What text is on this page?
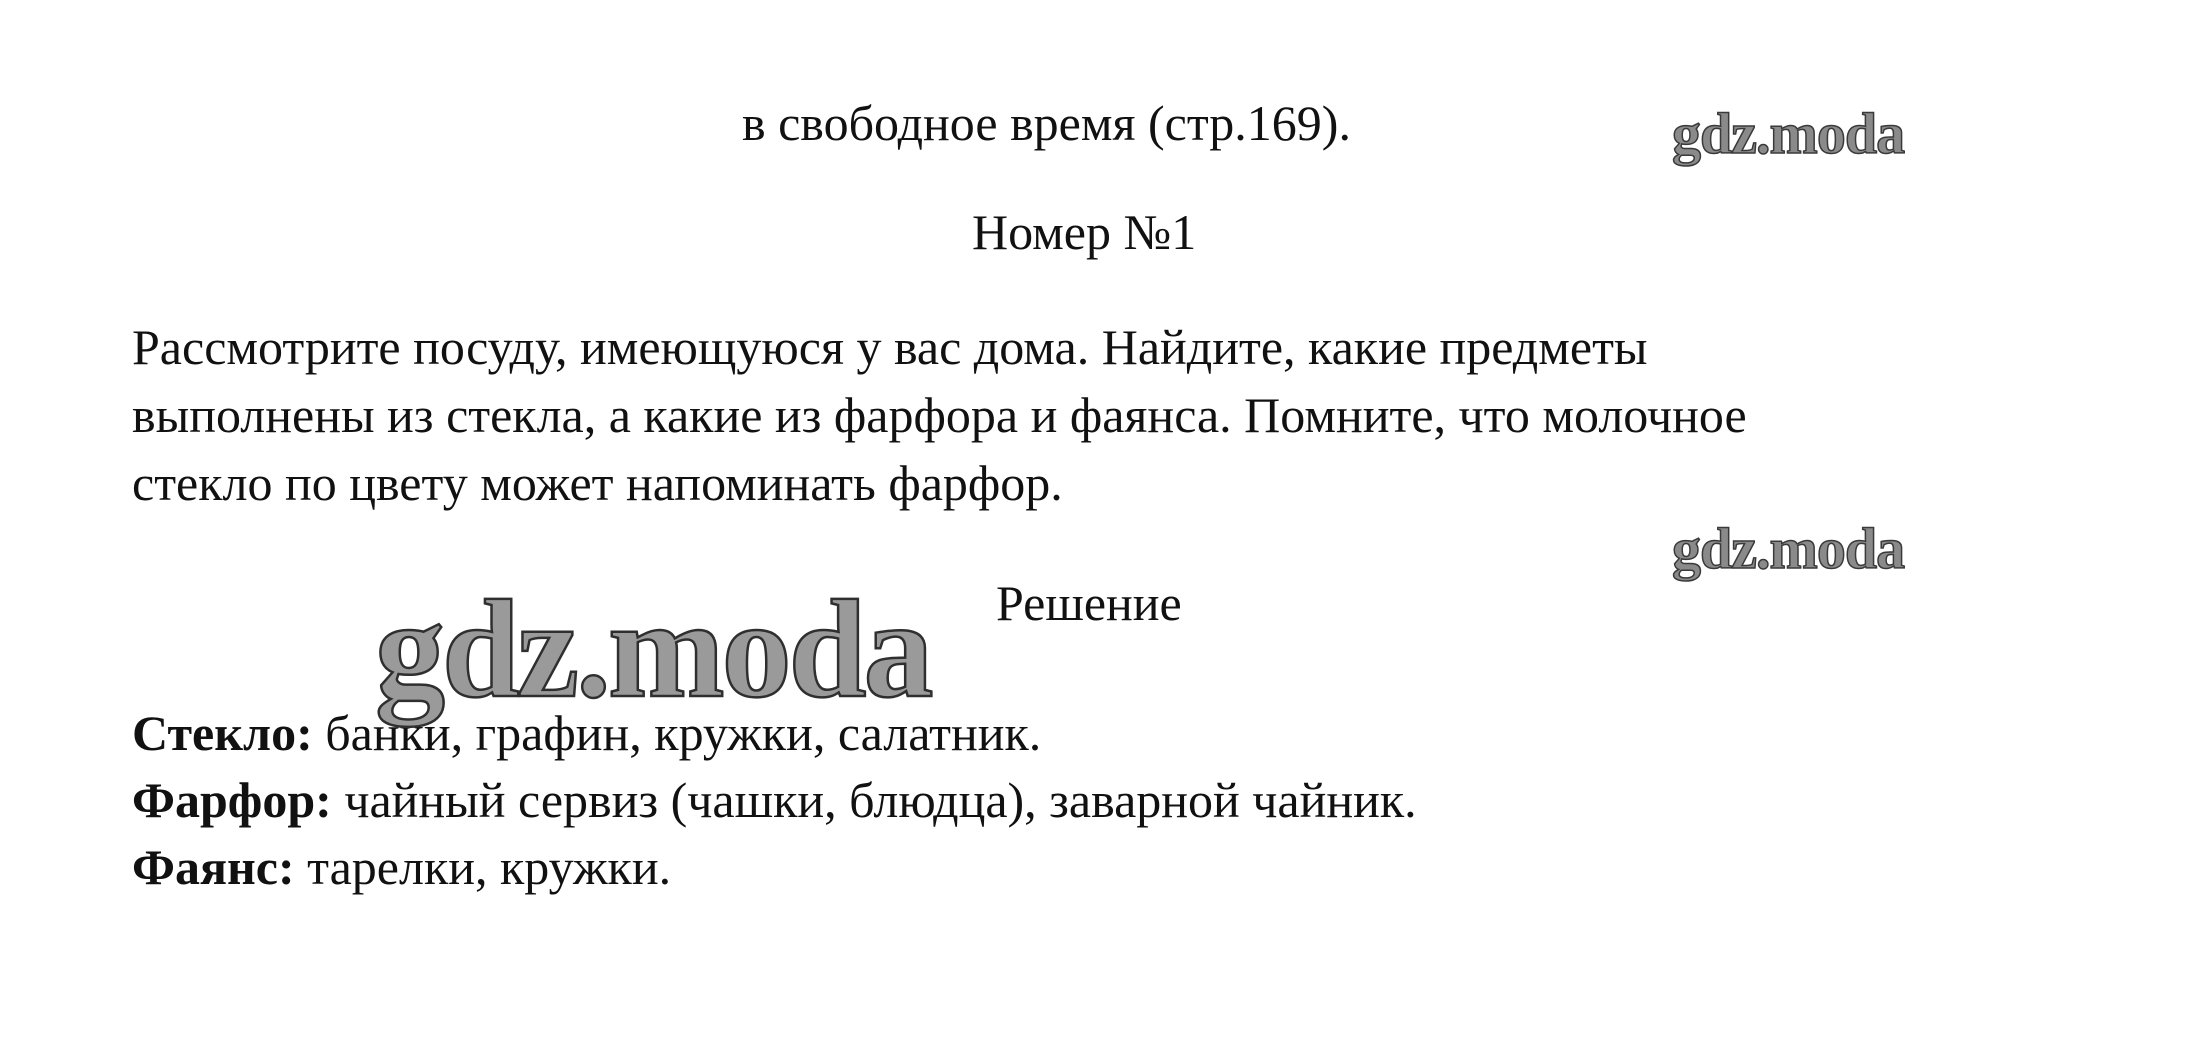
в свободное время (стр.169).
Номер №1
Рассмотрите посуду, имеющуюся у вас дома. Найдите, какие предметы
выполнены из стекла, а какие из фарфора и фаянса. Помните, что молочное
стекло по цвету может напоминать фарфор.
Решение
Стекло: банки, графин, кружки, салатник.
Фарфор: чайный сервиз (чашки, блюдца), заварной чайник.
Фаянс: тарелки, кружки.
gdz.moda
gdz.moda
gdz.moda
